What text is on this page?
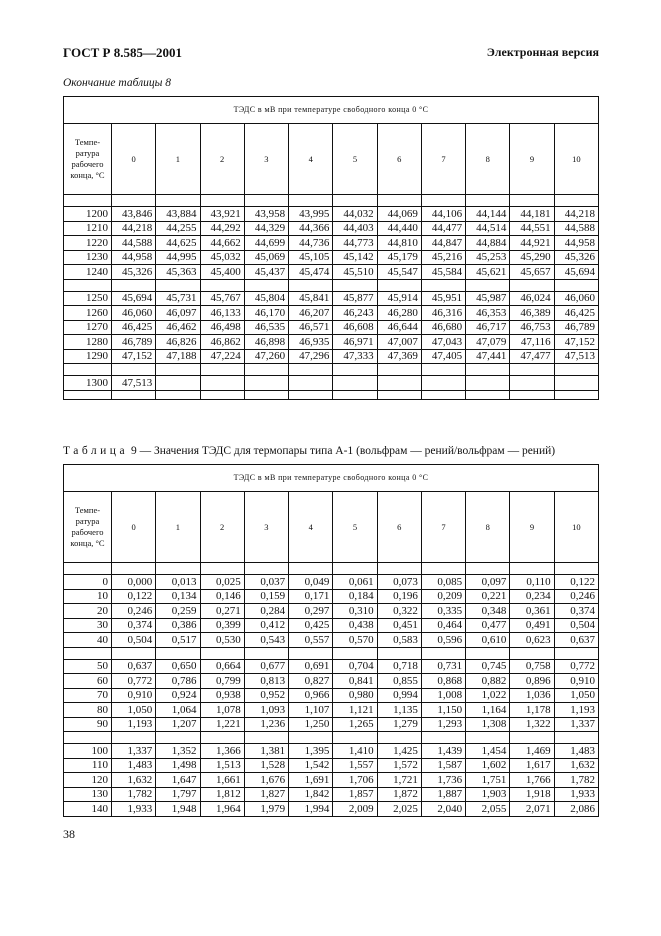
ГОСТ Р 8.585—2001	Электронная версия
Окончание таблицы 8
ТЭДС в мВ при температуре свободного конца 0 °С											
Темпе-ратура рабочего конца, °С	0	1	2	3	4	5	6	7	8	9	10

1200	43,846	43,884	43,921	43,958	43,995	44,032	44,069	44,106	44,144	44,181	44,218
1210	44,218	44,255	44,292	44,329	44,366	44,403	44,440	44,477	44,514	44,551	44,588
1220	44,588	44,625	44,662	44,699	44,736	44,773	44,810	44,847	44,884	44,921	44,958
1230	44,958	44,995	45,032	45,069	45,105	45,142	45,179	45,216	45,253	45,290	45,326
1240	45,326	45,363	45,400	45,437	45,474	45,510	45,547	45,584	45,621	45,657	45,694

1250	45,694	45,731	45,767	45,804	45,841	45,877	45,914	45,951	45,987	46,024	46,060
1260	46,060	46,097	46,133	46,170	46,207	46,243	46,280	46,316	46,353	46,389	46,425
1270	46,425	46,462	46,498	46,535	46,571	46,608	46,644	46,680	46,717	46,753	46,789
1280	46,789	46,826	46,862	46,898	46,935	46,971	47,007	47,043	47,079	47,116	47,152
1290	47,152	47,188	47,224	47,260	47,296	47,333	47,369	47,405	47,441	47,477	47,513

1300	47,513										

Таблица 9 — Значения ТЭДС для термопары типа А-1 (вольфрам — рений/вольфрам — рений)
ТЭДС в мВ при температуре свободного конца 0 °С											
Темпе-ратура рабочего конца, °С	0	1	2	3	4	5	6	7	8	9	10

0	0,000	0,013	0,025	0,037	0,049	0,061	0,073	0,085	0,097	0,110	0,122
10	0,122	0,134	0,146	0,159	0,171	0,184	0,196	0,209	0,221	0,234	0,246
20	0,246	0,259	0,271	0,284	0,297	0,310	0,322	0,335	0,348	0,361	0,374
30	0,374	0,386	0,399	0,412	0,425	0,438	0,451	0,464	0,477	0,491	0,504
40	0,504	0,517	0,530	0,543	0,557	0,570	0,583	0,596	0,610	0,623	0,637

50	0,637	0,650	0,664	0,677	0,691	0,704	0,718	0,731	0,745	0,758	0,772
60	0,772	0,786	0,799	0,813	0,827	0,841	0,855	0,868	0,882	0,896	0,910
70	0,910	0,924	0,938	0,952	0,966	0,980	0,994	1,008	1,022	1,036	1,050
80	1,050	1,064	1,078	1,093	1,107	1,121	1,135	1,150	1,164	1,178	1,193
90	1,193	1,207	1,221	1,236	1,250	1,265	1,279	1,293	1,308	1,322	1,337

100	1,337	1,352	1,366	1,381	1,395	1,410	1,425	1,439	1,454	1,469	1,483
110	1,483	1,498	1,513	1,528	1,542	1,557	1,572	1,587	1,602	1,617	1,632
120	1,632	1,647	1,661	1,676	1,691	1,706	1,721	1,736	1,751	1,766	1,782
130	1,782	1,797	1,812	1,827	1,842	1,857	1,872	1,887	1,903	1,918	1,933
140	1,933	1,948	1,964	1,979	1,994	2,009	2,025	2,040	2,055	2,071	2,086
38
